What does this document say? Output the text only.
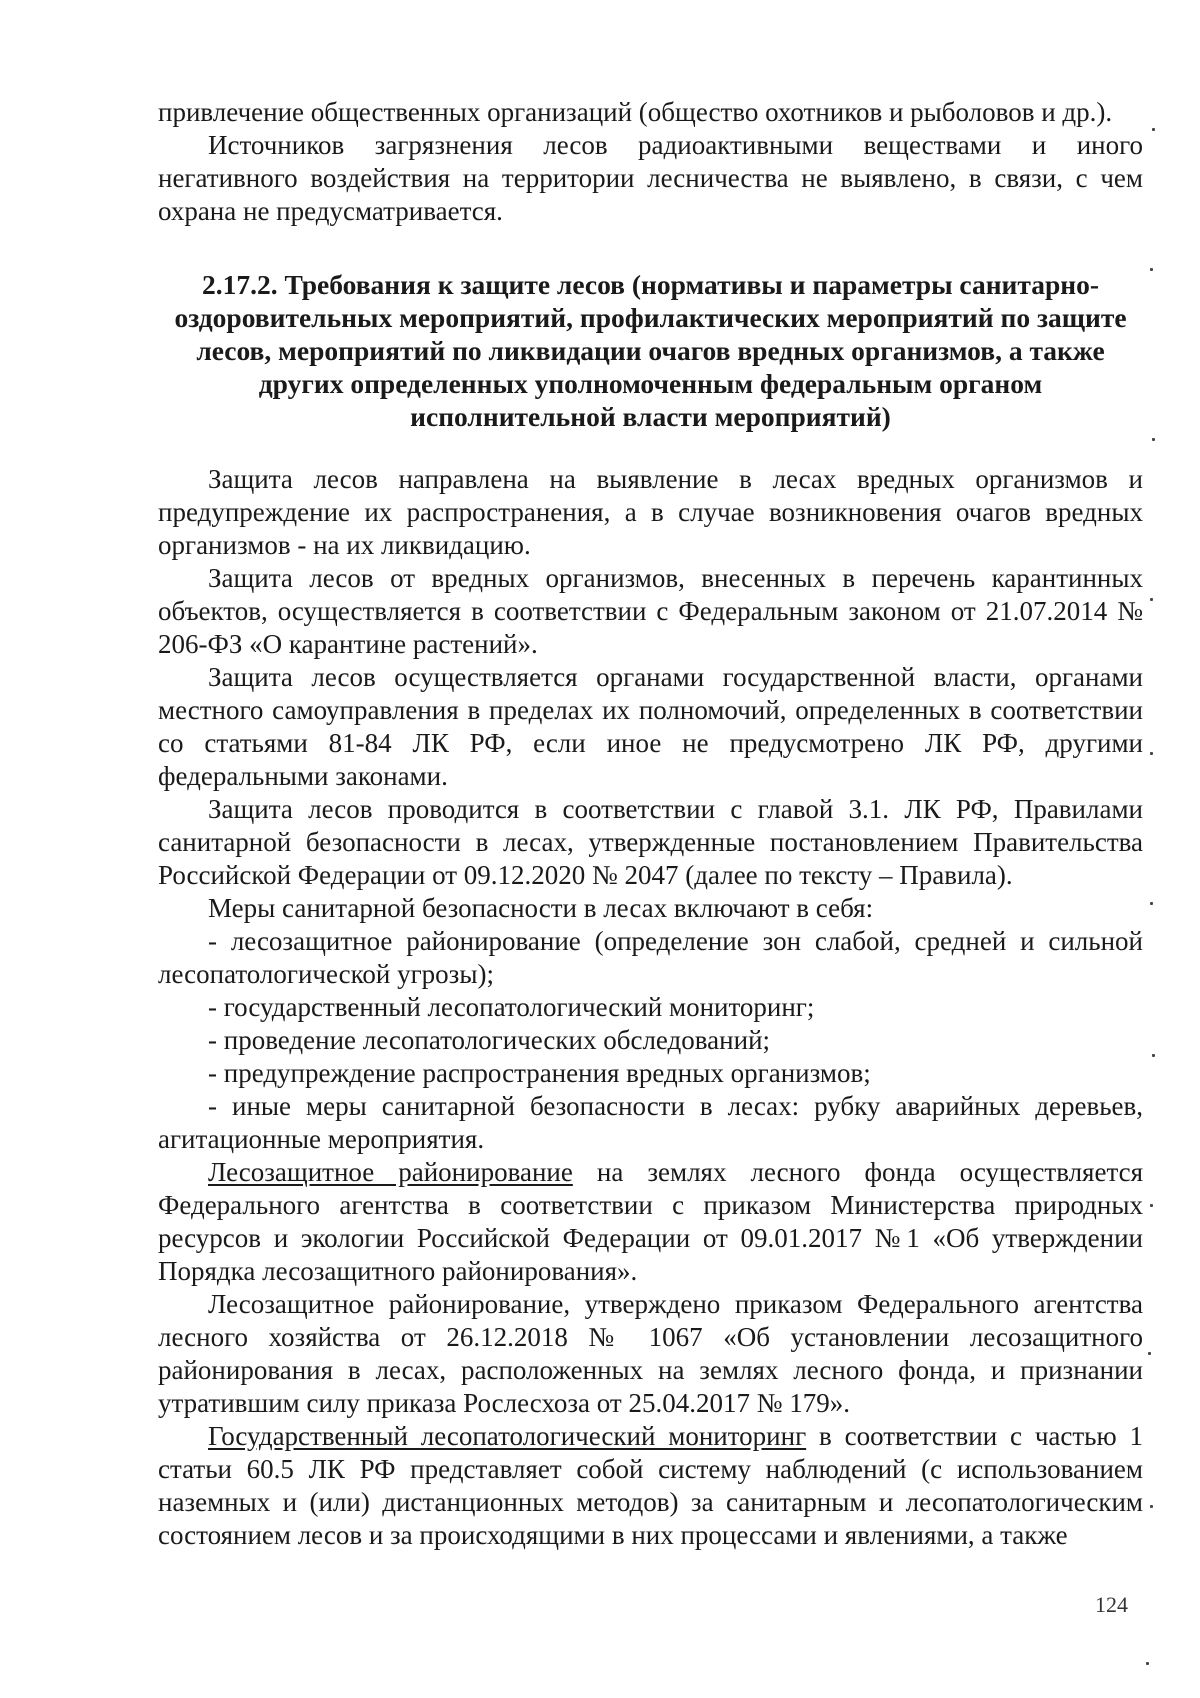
привлечение общественных организаций (общество охотников и рыболовов и др.).

Источников загрязнения лесов радиоактивными веществами и иного негативного воздействия на территории лесничества не выявлено, в связи, с чем охрана не предусматривается.

2.17.2. Требования к защите лесов (нормативы и параметры санитарно-оздоровительных мероприятий, профилактических мероприятий по защите лесов, мероприятий по ликвидации очагов вредных организмов, а также других определенных уполномоченным федеральным органом исполнительной власти мероприятий)

Защита лесов направлена на выявление в лесах вредных организмов и предупреждение их распространения, а в случае возникновения очагов вредных организмов - на их ликвидацию.

Защита лесов от вредных организмов, внесенных в перечень карантинных объектов, осуществляется в соответствии с Федеральным законом от 21.07.2014 № 206-ФЗ «О карантине растений».

Защита лесов осуществляется органами государственной власти, органами местного самоуправления в пределах их полномочий, определенных в соответствии со статьями 81-84 ЛК РФ, если иное не предусмотрено ЛК РФ, другими федеральными законами.

Защита лесов проводится в соответствии с главой 3.1. ЛК РФ, Правилами санитарной безопасности в лесах, утвержденные постановлением Правительства Российской Федерации от 09.12.2020 № 2047 (далее по тексту – Правила).

Меры санитарной безопасности в лесах включают в себя:

- лесозащитное районирование (определение зон слабой, средней и сильной лесопатологической угрозы);

- государственный лесопатологический мониторинг;

- проведение лесопатологических обследований;

- предупреждение распространения вредных организмов;

- иные меры санитарной безопасности в лесах: рубку аварийных деревьев, агитационные мероприятия.

Лесозащитное районирование на землях лесного фонда осуществляется Федерального агентства в соответствии с приказом Министерства природных ресурсов и экологии Российской Федерации от 09.01.2017 №1 «Об утверждении Порядка лесозащитного районирования».

Лесозащитное районирование, утверждено приказом Федерального агентства лесного хозяйства от 26.12.2018 № 1067 «Об установлении лесозащитного районирования в лесах, расположенных на землях лесного фонда, и признании утратившим силу приказа Рослесхоза от 25.04.2017 № 179».

Государственный лесопатологический мониторинг в соответствии с частью 1 статьи 60.5 ЛК РФ представляет собой систему наблюдений (с использованием наземных и (или) дистанционных методов) за санитарным и лесопатологическим состоянием лесов и за происходящими в них процессами и явлениями, а также

124
